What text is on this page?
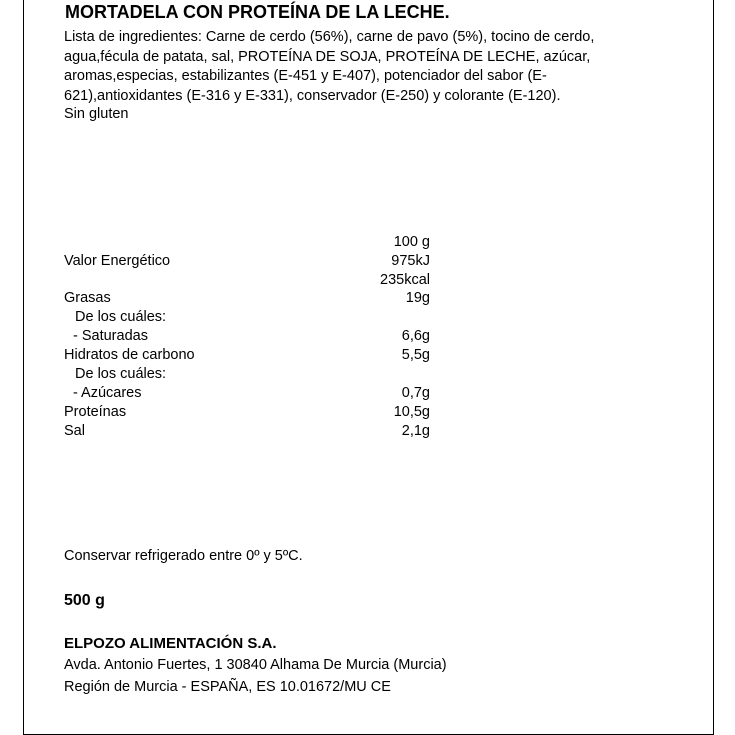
MORTADELA CON PROTEÍNA DE LA LECHE.
Lista de ingredientes: Carne de cerdo (56%), carne de pavo (5%), tocino de cerdo, agua,fécula de patata, sal, PROTEÍNA DE SOJA, PROTEÍNA DE LECHE, azúcar, aromas,especias, estabilizantes (E-451 y E-407), potenciador del sabor (E-621),antioxidantes (E-316 y E-331), conservador (E-250) y colorante (E-120).
Sin gluten
100 g
Valor Energético	975kJ
235kcal
Grasas	19g
De los cuáles:
- Saturadas	6,6g
Hidratos de carbono	5,5g
De los cuáles:
- Azúcares	0,7g
Proteínas	10,5g
Sal	2,1g
Conservar refrigerado entre 0º y 5ºC.
500 g
ELPOZO ALIMENTACIÓN S.A.
Avda. Antonio Fuertes, 1 30840 Alhama De Murcia (Murcia)
Región de Murcia - ESPAÑA, ES 10.01672/MU CE
